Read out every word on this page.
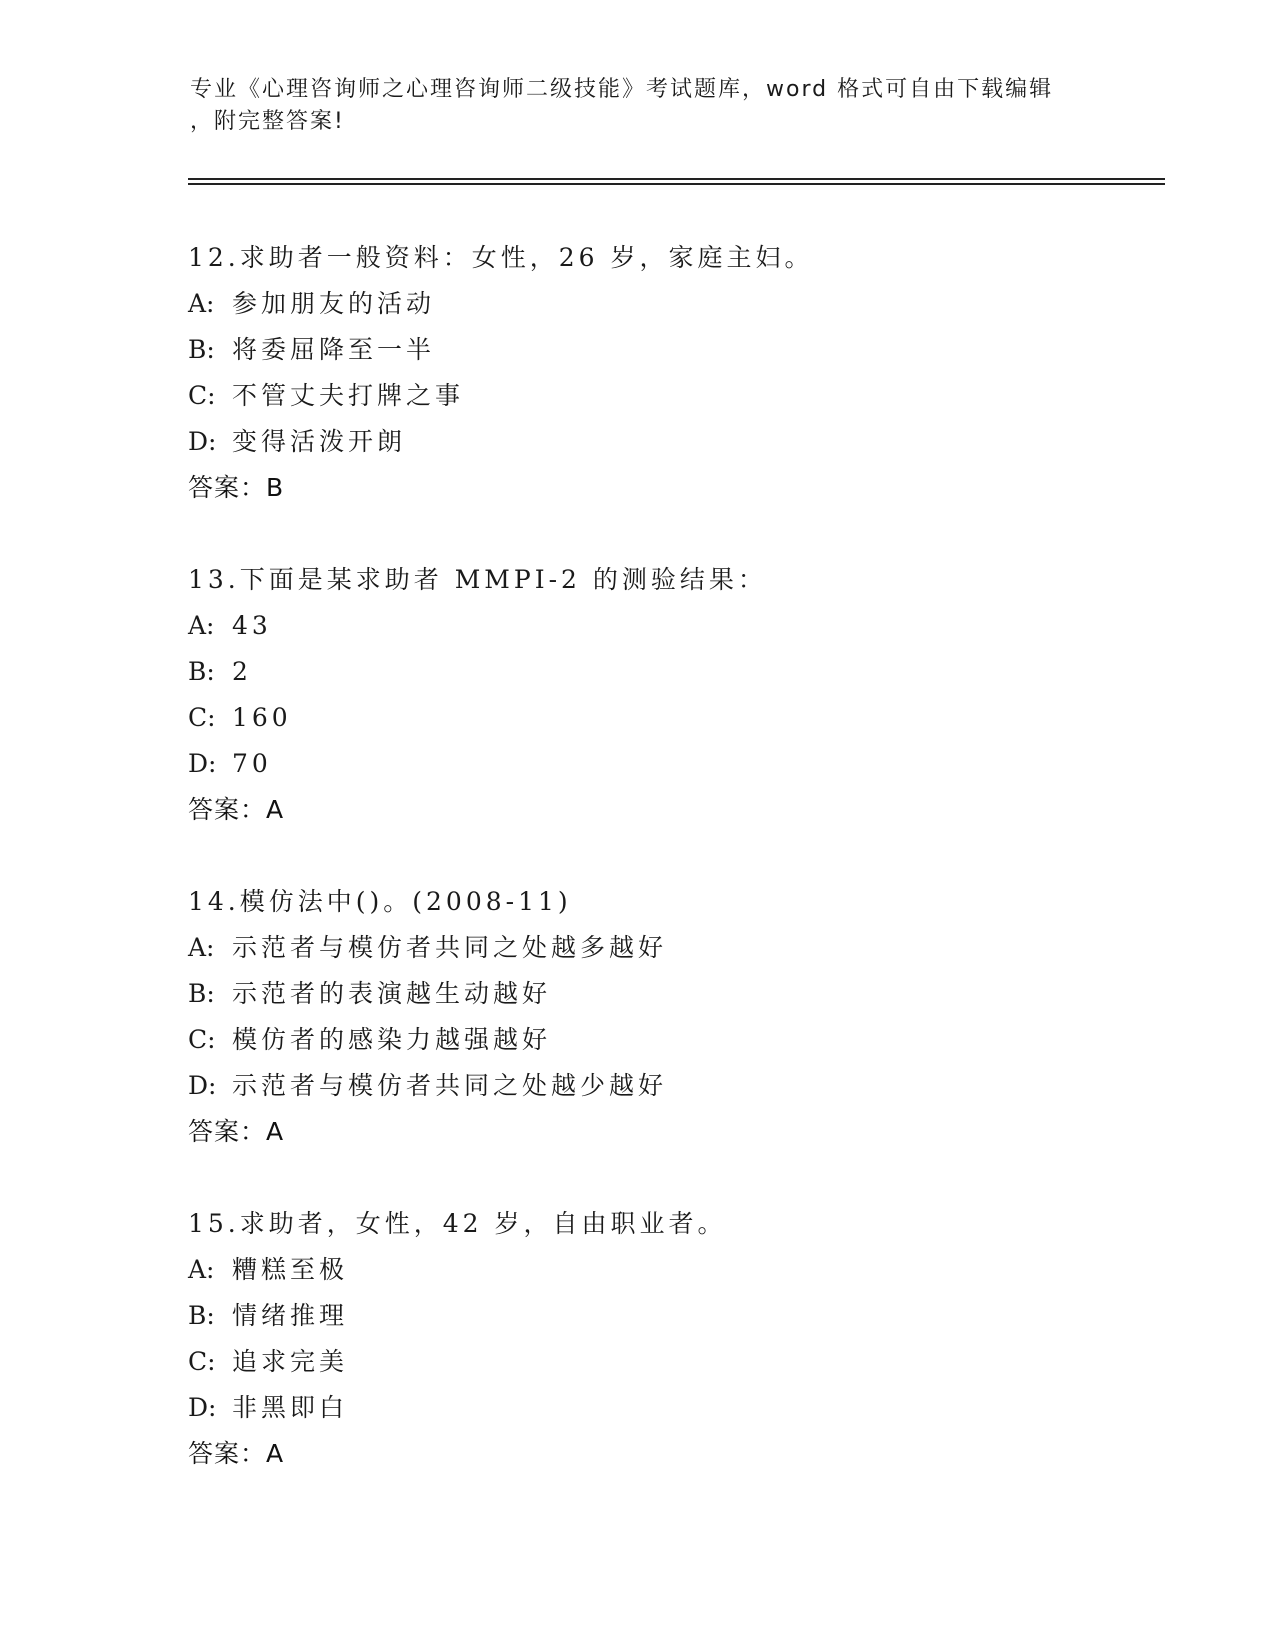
专业《心理咨询师之心理咨询师二级技能》考试题库，word 格式可自由下载编辑
，附完整答案!
12.求助者一般资料：女性，26 岁，家庭主妇。
A: 参加朋友的活动
B: 将委屈降至一半
C: 不管丈夫打牌之事
D: 变得活泼开朗
答案：B
13.下面是某求助者 MMPI-2 的测验结果：
A: 43
B: 2
C: 160
D: 70
答案：A
14.模仿法中()。(2008-11)
A: 示范者与模仿者共同之处越多越好
B: 示范者的表演越生动越好
C: 模仿者的感染力越强越好
D: 示范者与模仿者共同之处越少越好
答案：A
15.求助者，女性，42 岁，自由职业者。
A: 糟糕至极
B: 情绪推理
C: 追求完美
D: 非黑即白
答案：A
